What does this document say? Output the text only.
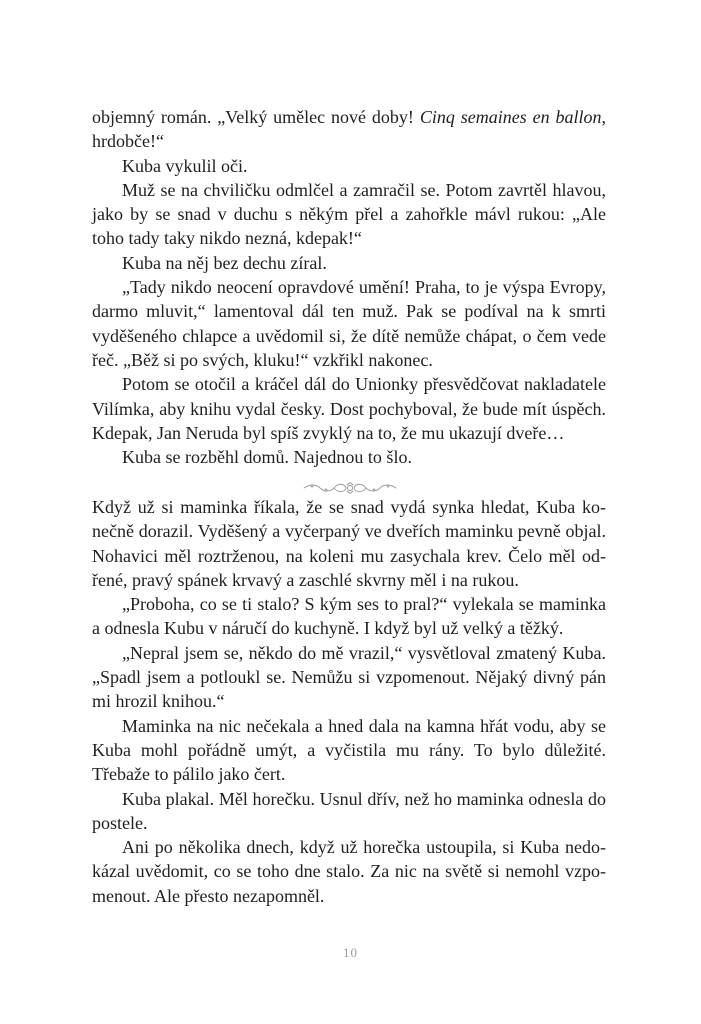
objemný román. „Velký umělec nové doby! Cinq semaines en ballon, hrdobče!“

Kuba vykulil oči.

Muž se na chviličku odmlčel a zamračil se. Potom zavrtěl hlavou, jako by se snad v duchu s někým přel a zahořkle mávl rukou: „Ale toho tady taky nikdo nezná, kdepak!“

Kuba na něj bez dechu zíral.

„Tady nikdo neocení opravdové umění! Praha, to je výspa Evropy, darmo mluvit,“ lamentoval dál ten muž. Pak se podíval na k smrti vyděšeného chlapce a uvědomil si, že dítě nemůže chápat, o čem vede řeč. „Běž si po svých, kluku!“ vzkřikl nakonec.

Potom se otočil a kráčel dál do Unionky přesvědčovat nakladatele Vilímka, aby knihu vydal česky. Dost pochyboval, že bude mít úspěch. Kdepak, Jan Neruda byl spíš zvyklý na to, že mu ukazují dveře…

Kuba se rozběhl domů. Najednou to šlo.

Když už si maminka říkala, že se snad vydá synka hledat, Kuba konečně dorazil. Vyděšený a vyčerpaný ve dveřích maminku pevně objal. Nohavici měl roztrženou, na koleni mu zasychala krev. Čelo měl odřené, pravý spánek krvavý a zaschlé skvrny měl i na rukou.

„Proboha, co se ti stalo? S kým ses to pral?“ vylekala se maminka a odnesla Kubu v náručí do kuchyně. I když byl už velký a těžký.

„Nepral jsem se, někdo do mě vrazil,“ vysvětloval zmatený Kuba. „Spadl jsem a potloukl se. Nemůžu si vzpomenout. Nějaký divný pán mi hrozil knihou.“

Maminka na nic nečekala a hned dala na kamna hřát vodu, aby se Kuba mohl pořádně umýt, a vyčistila mu rány. To bylo důležité. Třebaže to pálilo jako čert.

Kuba plakal. Měl horečku. Usnul dřív, než ho maminka odnesla do postele.

Ani po několika dnech, když už horečka ustoupila, si Kuba nedokázal uvědomit, co se toho dne stalo. Za nic na světě si nemohl vzpomenout. Ale přesto nezapomněl.

10
